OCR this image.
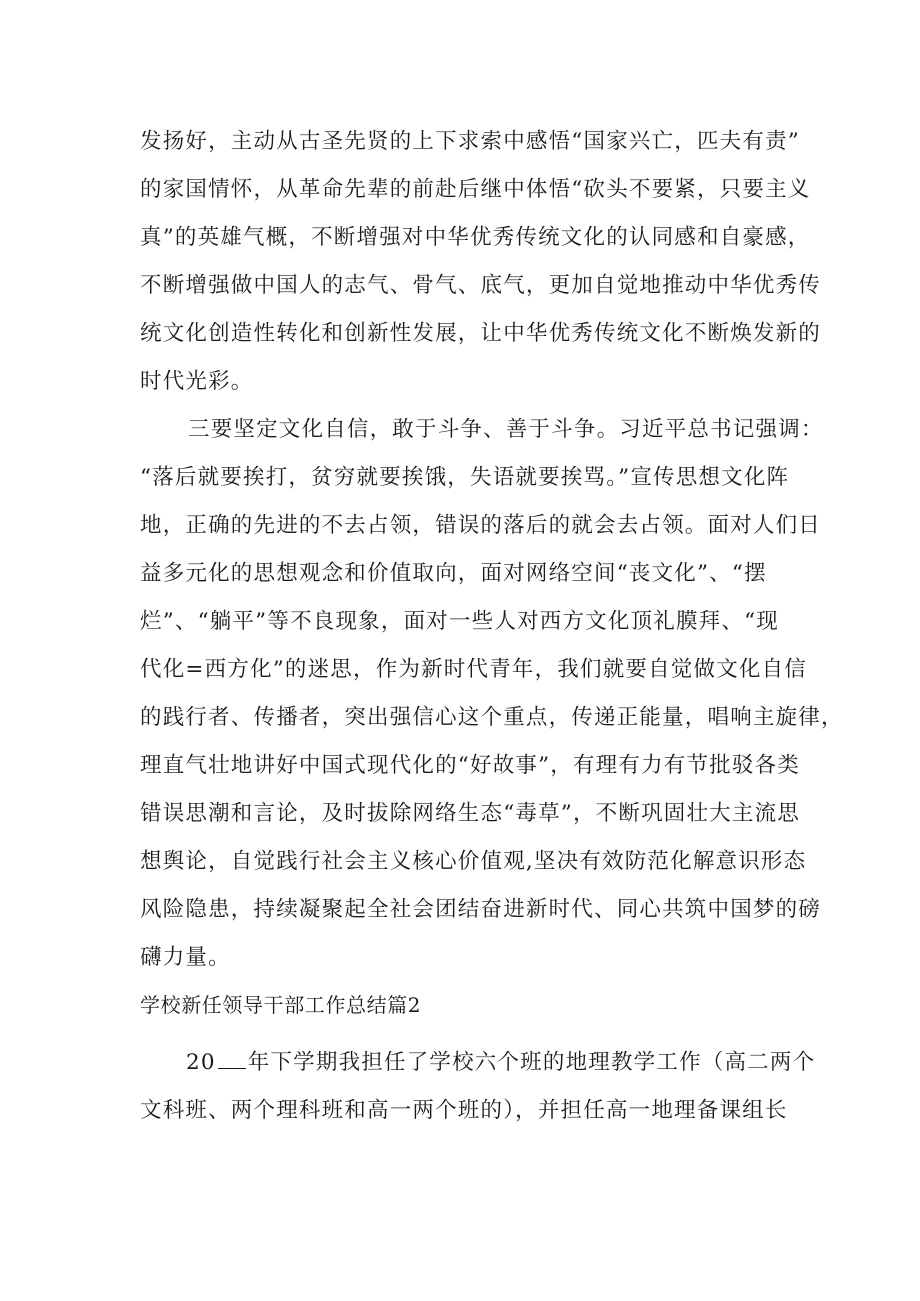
发扬好，主动从古圣先贤的上下求索中感悟“国家兴亡，匹夫有责”
的家国情怀，从革命先辈的前赴后继中体悟“砍头不要紧，只要主义
真”的英雄气概，不断增强对中华优秀传统文化的认同感和自豪感，
不断增强做中国人的志气、骨气、底气，更加自觉地推动中华优秀传
统文化创造性转化和创新性发展，让中华优秀传统文化不断焕发新的
时代光彩。
三要坚定文化自信，敢于斗争、善于斗争。习近平总书记强调：
“落后就要挨打，贫穷就要挨饿，失语就要挨骂。”宣传思想文化阵
地，正确的先进的不去占领，错误的落后的就会去占领。面对人们日
益多元化的思想观念和价值取向，面对网络空间“丧文化”、“摆
烂”、“躺平”等不良现象，面对一些人对西方文化顶礼膜拜、“现
代化=西方化”的迷思，作为新时代青年，我们就要自觉做文化自信
的践行者、传播者，突出强信心这个重点，传递正能量，唱响主旋律，
理直气壮地讲好中国式现代化的“好故事”，有理有力有节批驳各类
错误思潮和言论，及时拔除网络生态“毒草”，不断巩固壮大主流思
想舆论，自觉践行社会主义核心价值观,坚决有效防范化解意识形态
风险隐患，持续凝聚起全社会团结奋进新时代、同心共筑中国梦的磅
礴力量。
学校新任领导干部工作总结篇2
20 年下学期我担任了学校六个班的地理教学工作（高二两个
文科班、两个理科班和高一两个班的），并担任高一地理备课组长
